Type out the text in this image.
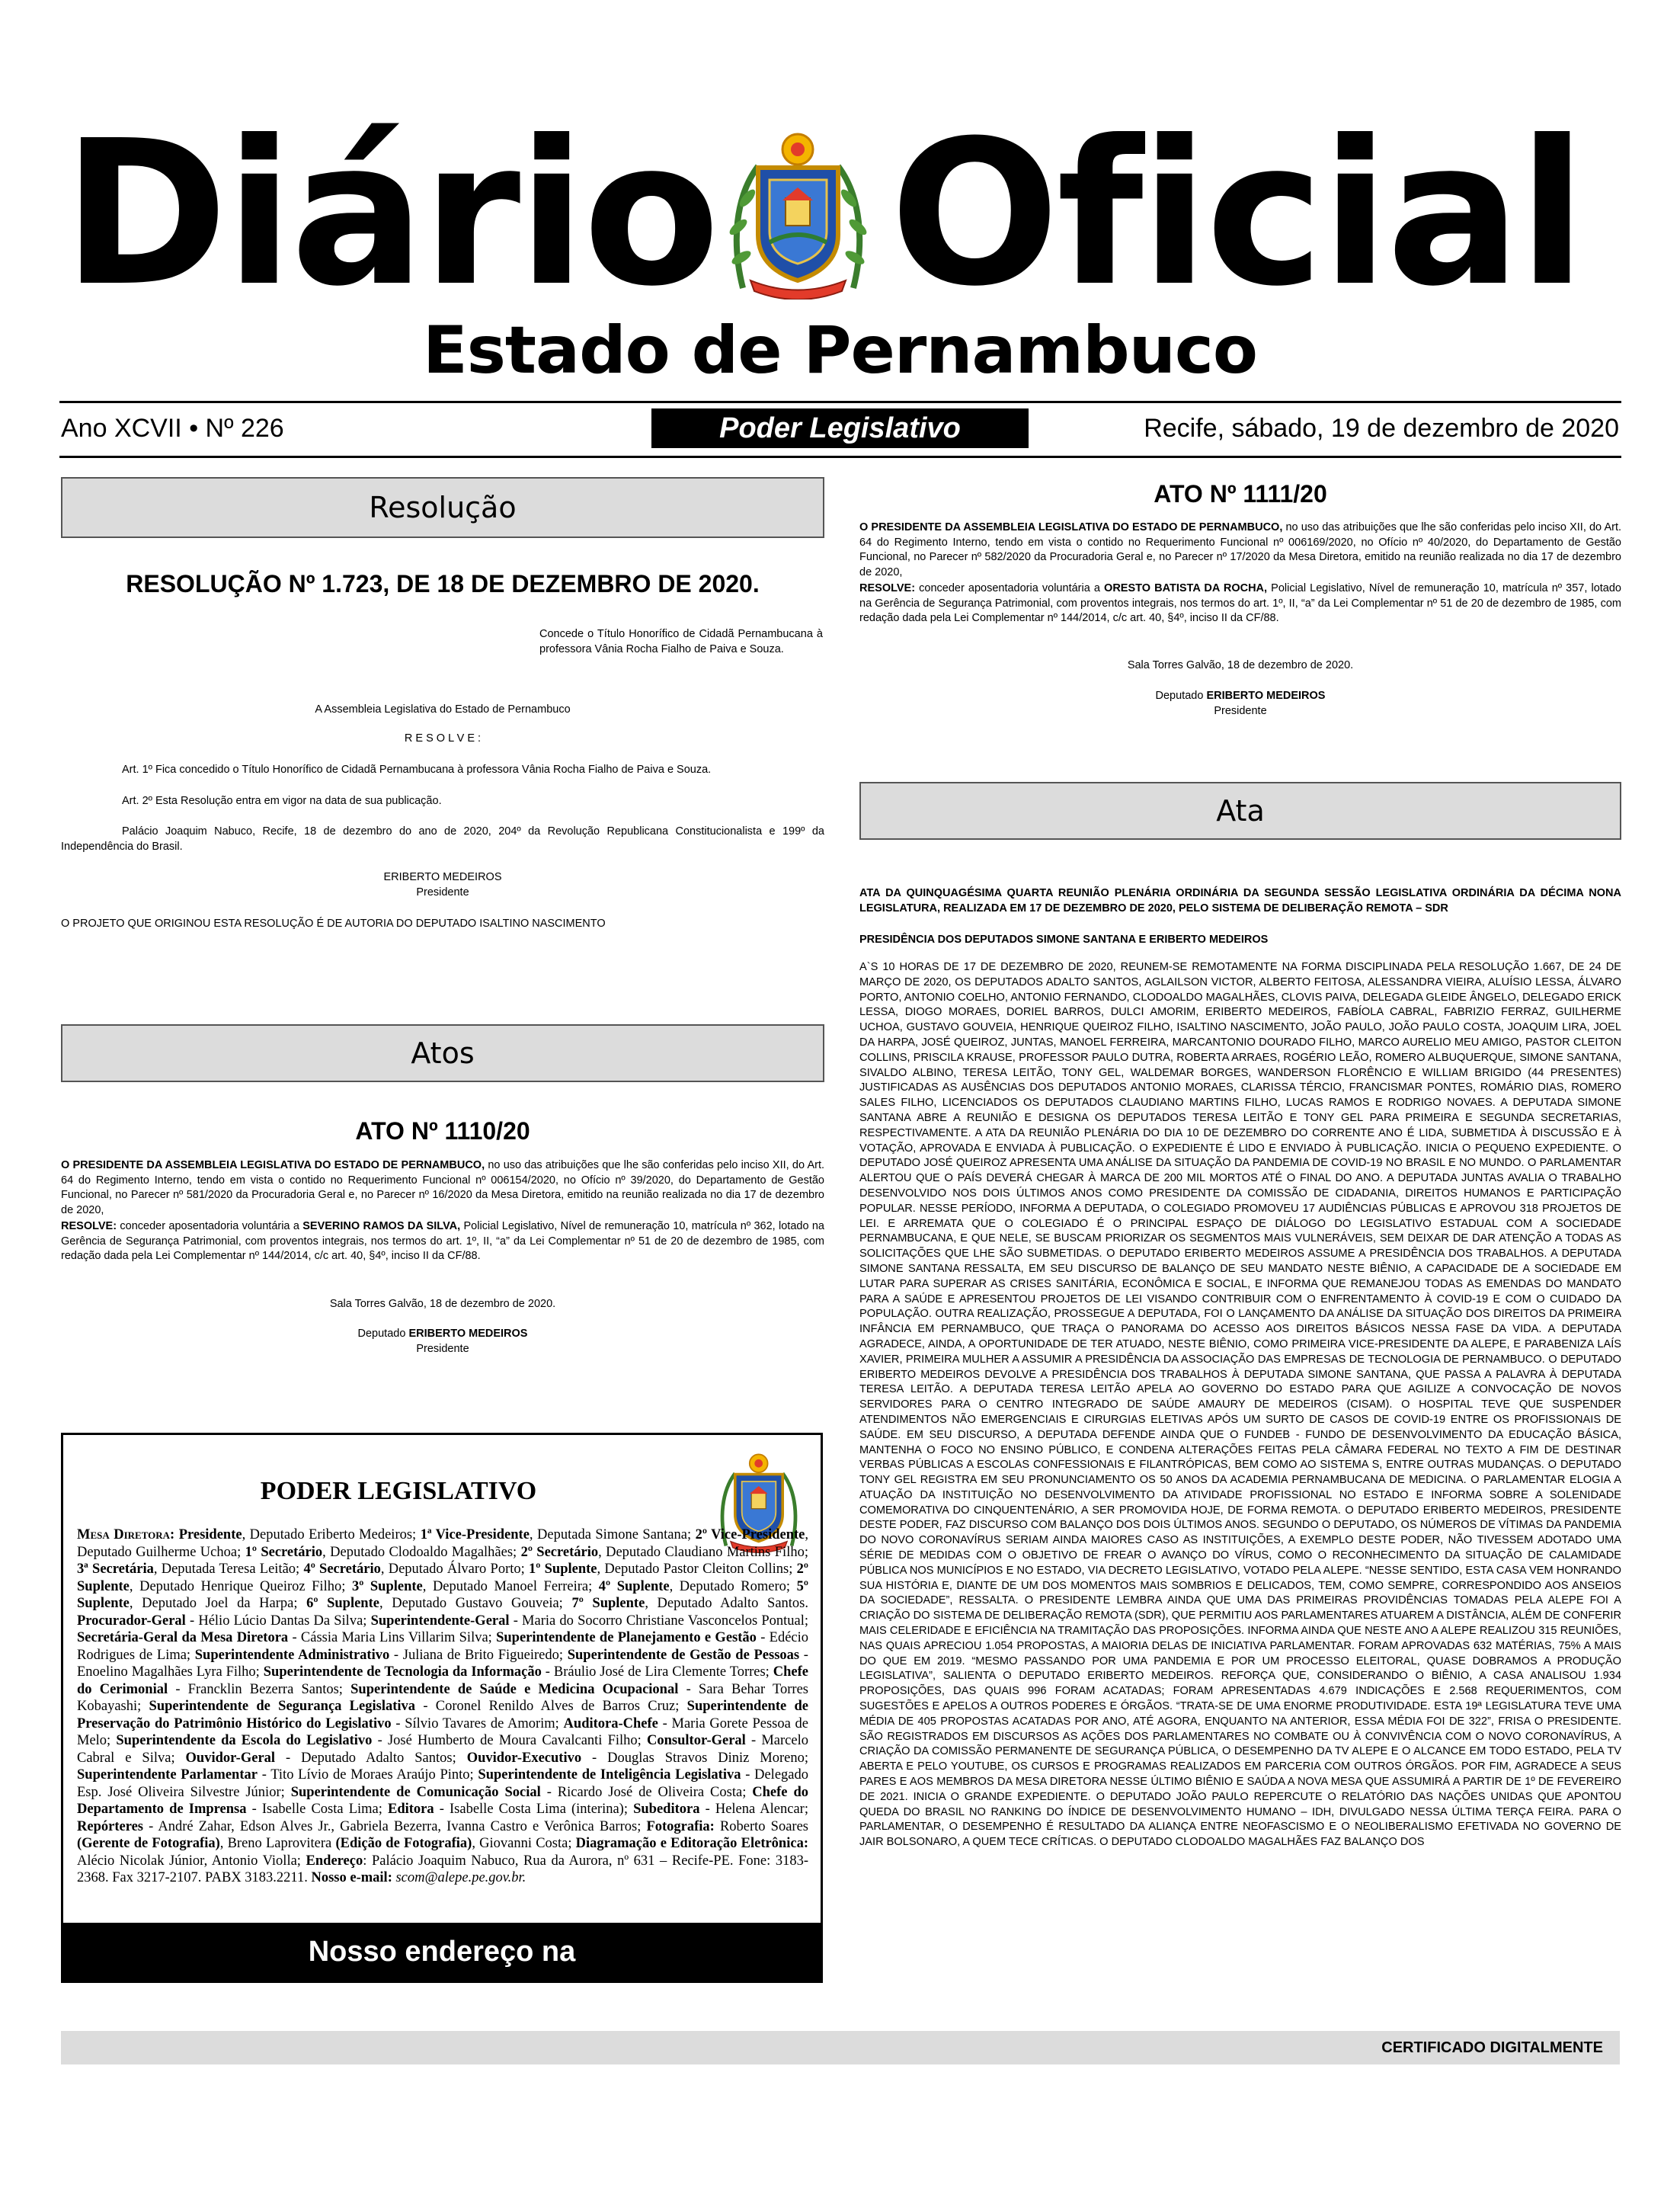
Diário Oficial
Estado de Pernambuco
Ano XCVII • Nº 226	Poder Legislativo	Recife, sábado, 19 de dezembro de 2020
Resolução
RESOLUÇÃO Nº 1.723, DE 18 DE DEZEMBRO DE 2020.
Concede o Título Honorífico de Cidadã Pernambucana à professora Vânia Rocha Fialho de Paiva e Souza.
A Assembleia Legislativa do Estado de Pernambuco
R E S O L V E :
Art. 1º Fica concedido o Título Honorífico de Cidadã Pernambucana à professora Vânia Rocha Fialho de Paiva e Souza.
Art. 2º Esta Resolução entra em vigor na data de sua publicação.
Palácio Joaquim Nabuco, Recife, 18 de dezembro do ano de 2020, 204º da Revolução Republicana Constitucionalista e 199º da Independência do Brasil.
ERIBERTO MEDEIROS
Presidente
O PROJETO QUE ORIGINOU ESTA RESOLUÇÃO É DE AUTORIA DO DEPUTADO ISALTINO NASCIMENTO
Atos
ATO Nº 1110/20
O PRESIDENTE DA ASSEMBLEIA LEGISLATIVA DO ESTADO DE PERNAMBUCO, no uso das atribuições que lhe são conferidas pelo inciso XII, do Art. 64 do Regimento Interno, tendo em vista o contido no Requerimento Funcional nº 006154/2020, no Ofício nº 39/2020, do Departamento de Gestão Funcional, no Parecer nº 581/2020 da Procuradoria Geral e, no Parecer nº 16/2020 da Mesa Diretora, emitido na reunião realizada no dia 17 de dezembro de 2020,
RESOLVE: conceder aposentadoria voluntária a SEVERINO RAMOS DA SILVA, Policial Legislativo, Nível de remuneração 10, matrícula nº 362, lotado na Gerência de Segurança Patrimonial, com proventos integrais, nos termos do art. 1º, II, “a” da Lei Complementar nº 51 de 20 de dezembro de 1985, com redação dada pela Lei Complementar nº 144/2014, c/c art. 40, §4º, inciso II da CF/88.
Sala Torres Galvão, 18 de dezembro de 2020.
Deputado ERIBERTO MEDEIROS
Presidente
PODER LEGISLATIVO
Mesa Diretora: Presidente, Deputado Eriberto Medeiros; 1ª Vice-Presidente, Deputada Simone Santana; 2º Vice-Presidente, Deputado Guilherme Uchoa; 1º Secretário, Deputado Clodoaldo Magalhães; 2º Secretário, Deputado Claudiano Martins Filho; 3ª Secretária, Deputada Teresa Leitão; 4º Secretário, Deputado Álvaro Porto; 1º Suplente, Deputado Pastor Cleiton Collins; 2º Suplente, Deputado Henrique Queiroz Filho; 3º Suplente, Deputado Manoel Ferreira; 4º Suplente, Deputado Romero; 5º Suplente, Deputado Joel da Harpa; 6º Suplente, Deputado Gustavo Gouveia; 7º Suplente, Deputado Adalto Santos. Procurador-Geral - Hélio Lúcio Dantas Da Silva; Superintendente-Geral - Maria do Socorro Christiane Vasconcelos Pontual; Secretária-Geral da Mesa Diretora - Cássia Maria Lins Villarim Silva; Superintendente de Planejamento e Gestão - Edécio Rodrigues de Lima; Superintendente Administrativo - Juliana de Brito Figueiredo; Superintendente de Gestão de Pessoas - Enoelino Magalhães Lyra Filho; Superintendente de Tecnologia da Informação - Bráulio José de Lira Clemente Torres; Chefe do Cerimonial - Francklin Bezerra Santos; Superintendente de Saúde e Medicina Ocupacional - Sara Behar Torres Kobayashi; Superintendente de Segurança Legislativa - Coronel Renildo Alves de Barros Cruz; Superintendente de Preservação do Patrimônio Histórico do Legislativo - Sílvio Tavares de Amorim; Auditora-Chefe - Maria Gorete Pessoa de Melo; Superintendente da Escola do Legislativo - José Humberto de Moura Cavalcanti Filho; Consultor-Geral - Marcelo Cabral e Silva; Ouvidor-Geral - Deputado Adalto Santos; Ouvidor-Executivo - Douglas Stravos Diniz Moreno; Superintendente Parlamentar - Tito Lívio de Moraes Araújo Pinto; Superintendente de Inteligência Legislativa - Delegado Esp. José Oliveira Silvestre Júnior; Superintendente de Comunicação Social - Ricardo José de Oliveira Costa; Chefe do Departamento de Imprensa - Isabelle Costa Lima; Editora - Isabelle Costa Lima (interina); Subeditora - Helena Alencar; Repórteres - André Zahar, Edson Alves Jr., Gabriela Bezerra, Ivanna Castro e Verônica Barros; Fotografia: Roberto Soares (Gerente de Fotografia), Breno Laprovitera (Edição de Fotografia), Giovanni Costa; Diagramação e Editoração Eletrônica: Alécio Nicolak Júnior, Antonio Violla; Endereço: Palácio Joaquim Nabuco, Rua da Aurora, nº 631 – Recife-PE. Fone: 3183-2368. Fax 3217-2107. PABX 3183.2211. Nosso e-mail: scom@alepe.pe.gov.br.
Nosso endereço na Internet: http://www.alepe.pe.gov.br
ATO Nº 1111/20
O PRESIDENTE DA ASSEMBLEIA LEGISLATIVA DO ESTADO DE PERNAMBUCO, no uso das atribuições que lhe são conferidas pelo inciso XII, do Art. 64 do Regimento Interno, tendo em vista o contido no Requerimento Funcional nº 006169/2020, no Ofício nº 40/2020, do Departamento de Gestão Funcional, no Parecer nº 582/2020 da Procuradoria Geral e, no Parecer nº 17/2020 da Mesa Diretora, emitido na reunião realizada no dia 17 de dezembro de 2020,
RESOLVE: conceder aposentadoria voluntária a ORESTO BATISTA DA ROCHA, Policial Legislativo, Nível de remuneração 10, matrícula nº 357, lotado na Gerência de Segurança Patrimonial, com proventos integrais, nos termos do art. 1º, II, “a” da Lei Complementar nº 51 de 20 de dezembro de 1985, com redação dada pela Lei Complementar nº 144/2014, c/c art. 40, §4º, inciso II da CF/88.
Sala Torres Galvão, 18 de dezembro de 2020.
Deputado ERIBERTO MEDEIROS
Presidente
Ata
ATA DA QUINQUAGÉSIMA QUARTA REUNIÃO PLENÁRIA ORDINÁRIA DA SEGUNDA SESSÃO LEGISLATIVA ORDINÁRIA DA DÉCIMA NONA LEGISLATURA, REALIZADA EM 17 DE DEZEMBRO DE 2020, PELO SISTEMA DE DELIBERAÇÃO REMOTA – SDR
PRESIDÊNCIA DOS DEPUTADOS SIMONE SANTANA E ERIBERTO MEDEIROS
A`S 10 HORAS DE 17 DE DEZEMBRO DE 2020, REUNEM-SE REMOTAMENTE NA FORMA DISCIPLINADA PELA RESOLUÇÃO 1.667, DE 24 DE MARÇO DE 2020, OS DEPUTADOS ADALTO SANTOS, AGLAILSON VICTOR, ALBERTO FEITOSA, ALESSANDRA VIEIRA, ALUÍSIO LESSA, ÁLVARO PORTO, ANTONIO COELHO, ANTONIO FERNANDO, CLODOALDO MAGALHÃES, CLOVIS PAIVA, DELEGADA GLEIDE ÂNGELO, DELEGADO ERICK LESSA, DIOGO MORAES, DORIEL BARROS, DULCI AMORIM, ERIBERTO MEDEIROS, FABÍOLA CABRAL, FABRIZIO FERRAZ, GUILHERME UCHOA, GUSTAVO GOUVEIA, HENRIQUE QUEIROZ FILHO, ISALTINO NASCIMENTO, JOÃO PAULO, JOÃO PAULO COSTA, JOAQUIM LIRA, JOEL DA HARPA, JOSÉ QUEIROZ, JUNTAS, MANOEL FERREIRA, MARCANTONIO DOURADO FILHO, MARCO AURELIO MEU AMIGO, PASTOR CLEITON COLLINS, PRISCILA KRAUSE, PROFESSOR PAULO DUTRA, ROBERTA ARRAES, ROGÉRIO LEÃO, ROMERO ALBUQUERQUE, SIMONE SANTANA, SIVALDO ALBINO, TERESA LEITÃO, TONY GEL, WALDEMAR BORGES, WANDERSON FLORÊNCIO E WILLIAM BRIGIDO (44 PRESENTES) JUSTIFICADAS AS AUSÊNCIAS DOS DEPUTADOS ANTONIO MORAES, CLARISSA TÉRCIO, FRANCISMAR PONTES, ROMÁRIO DIAS, ROMERO SALES FILHO, LICENCIADOS OS DEPUTADOS CLAUDIANO MARTINS FILHO, LUCAS RAMOS E RODRIGO NOVAES. A DEPUTADA SIMONE SANTANA ABRE A REUNIÃO E DESIGNA OS DEPUTADOS TERESA LEITÃO E TONY GEL PARA PRIMEIRA E SEGUNDA SECRETARIAS, RESPECTIVAMENTE. A ATA DA REUNIÃO PLENÁRIA DO DIA 10 DE DEZEMBRO DO CORRENTE ANO É LIDA, SUBMETIDA À DISCUSSÃO E À VOTAÇÃO, APROVADA E ENVIADA À PUBLICAÇÃO. O EXPEDIENTE É LIDO E ENVIADO À PUBLICAÇÃO. INICIA O PEQUENO EXPEDIENTE. O DEPUTADO JOSÉ QUEIROZ APRESENTA UMA ANÁLISE DA SITUAÇÃO DA PANDEMIA DE COVID-19 NO BRASIL E NO MUNDO. O PARLAMENTAR ALERTOU QUE O PAÍS DEVERÁ CHEGAR À MARCA DE 200 MIL MORTOS ATÉ O FINAL DO ANO. A DEPUTADA JUNTAS AVALIA O TRABALHO DESENVOLVIDO NOS DOIS ÚLTIMOS ANOS COMO PRESIDENTE DA COMISSÃO DE CIDADANIA, DIREITOS HUMANOS E PARTICIPAÇÃO POPULAR. NESSE PERÍODO, INFORMA A DEPUTADA, O COLEGIADO PROMOVEU 17 AUDIÊNCIAS PÚBLICAS E APROVOU 318 PROJETOS DE LEI. E ARREMATA QUE O COLEGIADO É O PRINCIPAL ESPAÇO DE DIÁLOGO DO LEGISLATIVO ESTADUAL COM A SOCIEDADE PERNAMBUCANA, E QUE NELE, SE BUSCAM PRIORIZAR OS SEGMENTOS MAIS VULNERÁVEIS, SEM DEIXAR DE DAR ATENÇÃO A TODAS AS SOLICITAÇÕES QUE LHE SÃO SUBMETIDAS. O DEPUTADO ERIBERTO MEDEIROS ASSUME A PRESIDÊNCIA DOS TRABALHOS. A DEPUTADA SIMONE SANTANA RESSALTA, EM SEU DISCURSO DE BALANÇO DE SEU MANDATO NESTE BIÊNIO, A CAPACIDADE DE A SOCIEDADE EM LUTAR PARA SUPERAR AS CRISES SANITÁRIA, ECONÔMICA E SOCIAL, E INFORMA QUE REMANEJOU TODAS AS EMENDAS DO MANDATO PARA A SAÚDE E APRESENTOU PROJETOS DE LEI VISANDO CONTRIBUIR COM O ENFRENTAMENTO À COVID-19 E COM O CUIDADO DA POPULAÇÃO. OUTRA REALIZAÇÃO, PROSSEGUE A DEPUTADA, FOI O LANÇAMENTO DA ANÁLISE DA SITUAÇÃO DOS DIREITOS DA PRIMEIRA INFÂNCIA EM PERNAMBUCO, QUE TRAÇA O PANORAMA DO ACESSO AOS DIREITOS BÁSICOS NESSA FASE DA VIDA. A DEPUTADA AGRADECE, AINDA, A OPORTUNIDADE DE TER ATUADO, NESTE BIÊNIO, COMO PRIMEIRA VICE-PRESIDENTE DA ALEPE, E PARABENIZA LAÍS XAVIER, PRIMEIRA MULHER A ASSUMIR A PRESIDÊNCIA DA ASSOCIAÇÃO DAS EMPRESAS DE TECNOLOGIA DE PERNAMBUCO. O DEPUTADO ERIBERTO MEDEIROS DEVOLVE A PRESIDÊNCIA DOS TRABALHOS À DEPUTADA SIMONE SANTANA, QUE PASSA A PALAVRA À DEPUTADA TERESA LEITÃO. A DEPUTADA TERESA LEITÃO APELA AO GOVERNO DO ESTADO PARA QUE AGILIZE A CONVOCAÇÃO DE NOVOS SERVIDORES PARA O CENTRO INTEGRADO DE SAÚDE AMAURY DE MEDEIROS (CISAM). O HOSPITAL TEVE QUE SUSPENDER ATENDIMENTOS NÃO EMERGENCIAIS E CIRURGIAS ELETIVAS APÓS UM SURTO DE CASOS DE COVID-19 ENTRE OS PROFISSIONAIS DE SAÚDE. EM SEU DISCURSO, A DEPUTADA DEFENDE AINDA QUE O FUNDEB - FUNDO DE DESENVOLVIMENTO DA EDUCAÇÃO BÁSICA, MANTENHA O FOCO NO ENSINO PÚBLICO, E CONDENA ALTERAÇÕES FEITAS PELA CÂMARA FEDERAL NO TEXTO A FIM DE DESTINAR VERBAS PÚBLICAS A ESCOLAS CONFESSIONAIS E FILANTRÓPICAS, BEM COMO AO SISTEMA S, ENTRE OUTRAS MUDANÇAS. O DEPUTADO TONY GEL REGISTRA EM SEU PRONUNCIAMENTO OS 50 ANOS DA ACADEMIA PERNAMBUCANA DE MEDICINA. O PARLAMENTAR ELOGIA A ATUAÇÃO DA INSTITUIÇÃO NO DESENVOLVIMENTO DA ATIVIDADE PROFISSIONAL NO ESTADO E INFORMA SOBRE A SOLENIDADE COMEMORATIVA DO CINQUENTENÁRIO, A SER PROMOVIDA HOJE, DE FORMA REMOTA. O DEPUTADO ERIBERTO MEDEIROS, PRESIDENTE DESTE PODER, FAZ DISCURSO COM BALANÇO DOS DOIS ÚLTIMOS ANOS. SEGUNDO O DEPUTADO, OS NÚMEROS DE VÍTIMAS DA PANDEMIA DO NOVO CORONAVÍRUS SERIAM AINDA MAIORES CASO AS INSTITUIÇÕES, A EXEMPLO DESTE PODER, NÃO TIVESSEM ADOTADO UMA SÉRIE DE MEDIDAS COM O OBJETIVO DE FREAR O AVANÇO DO VÍRUS, COMO O RECONHECIMENTO DA SITUAÇÃO DE CALAMIDADE PÚBLICA NOS MUNICÍPIOS E NO ESTADO, VIA DECRETO LEGISLATIVO, VOTADO PELA ALEPE. “NESSE SENTIDO, ESTA CASA VEM HONRANDO SUA HISTÓRIA E, DIANTE DE UM DOS MOMENTOS MAIS SOMBRIOS E DELICADOS, TEM, COMO SEMPRE, CORRESPONDIDO AOS ANSEIOS DA SOCIEDADE”, RESSALTA. O PRESIDENTE LEMBRA AINDA QUE UMA DAS PRIMEIRAS PROVIDÊNCIAS TOMADAS PELA ALEPE FOI A CRIAÇÃO DO SISTEMA DE DELIBERAÇÃO REMOTA (SDR), QUE PERMITIU AOS PARLAMENTARES ATUAREM A DISTÂNCIA, ALÉM DE CONFERIR MAIS CELERIDADE E EFICIÊNCIA NA TRAMITAÇÃO DAS PROPOSIÇÕES. INFORMA AINDA QUE NESTE ANO A ALEPE REALIZOU 315 REUNIÕES, NAS QUAIS APRECIOU 1.054 PROPOSTAS, A MAIORIA DELAS DE INICIATIVA PARLAMENTAR. FORAM APROVADAS 632 MATÉRIAS, 75% A MAIS DO QUE EM 2019. “MESMO PASSANDO POR UMA PANDEMIA E POR UM PROCESSO ELEITORAL, QUASE DOBRAMOS A PRODUÇÃO LEGISLATIVA”, SALIENTA O DEPUTADO ERIBERTO MEDEIROS. REFORÇA QUE, CONSIDERANDO O BIÊNIO, A CASA ANALISOU 1.934 PROPOSIÇÕES, DAS QUAIS 996 FORAM ACATADAS; FORAM APRESENTADAS 4.679 INDICAÇÕES E 2.568 REQUERIMENTOS, COM SUGESTÕES E APELOS A OUTROS PODERES E ÓRGÃOS. “TRATA-SE DE UMA ENORME PRODUTIVIDADE. ESTA 19ª LEGISLATURA TEVE UMA MÉDIA DE 405 PROPOSTAS ACATADAS POR ANO, ATÉ AGORA, ENQUANTO NA ANTERIOR, ESSA MÉDIA FOI DE 322”, FRISA O PRESIDENTE. SÃO REGISTRADOS EM DISCURSOS AS AÇÕES DOS PARLAMENTARES NO COMBATE OU À CONVIVÊNCIA COM O NOVO CORONAVÍRUS, A CRIAÇÃO DA COMISSÃO PERMANENTE DE SEGURANÇA PÚBLICA, O DESEMPENHO DA TV ALEPE E O ALCANCE EM TODO ESTADO, PELA TV ABERTA E PELO YOUTUBE, OS CURSOS E PROGRAMAS REALIZADOS EM PARCERIA COM OUTROS ÓRGÃOS. POR FIM, AGRADECE A SEUS PARES E AOS MEMBROS DA MESA DIRETORA NESSE ÚLTIMO BIÊNIO E SAÚDA A NOVA MESA QUE ASSUMIRÁ A PARTIR DE 1º DE FEVEREIRO DE 2021. INICIA O GRANDE EXPEDIENTE. O DEPUTADO JOÃO PAULO REPERCUTE O RELATÓRIO DAS NAÇÕES UNIDAS QUE APONTOU QUEDA DO BRASIL NO RANKING DO ÍNDICE DE DESENVOLVIMENTO HUMANO – IDH, DIVULGADO NESSA ÚLTIMA TERÇA FEIRA. PARA O PARLAMENTAR, O DESEMPENHO É RESULTADO DA ALIANÇA ENTRE NEOFASCISMO E O NEOLIBERALISMO EFETIVADA NO GOVERNO DE JAIR BOLSONARO, A QUEM TECE CRÍTICAS. O DEPUTADO CLODOALDO MAGALHÃES FAZ BALANÇO DOS
CERTIFICADO DIGITALMENTE
